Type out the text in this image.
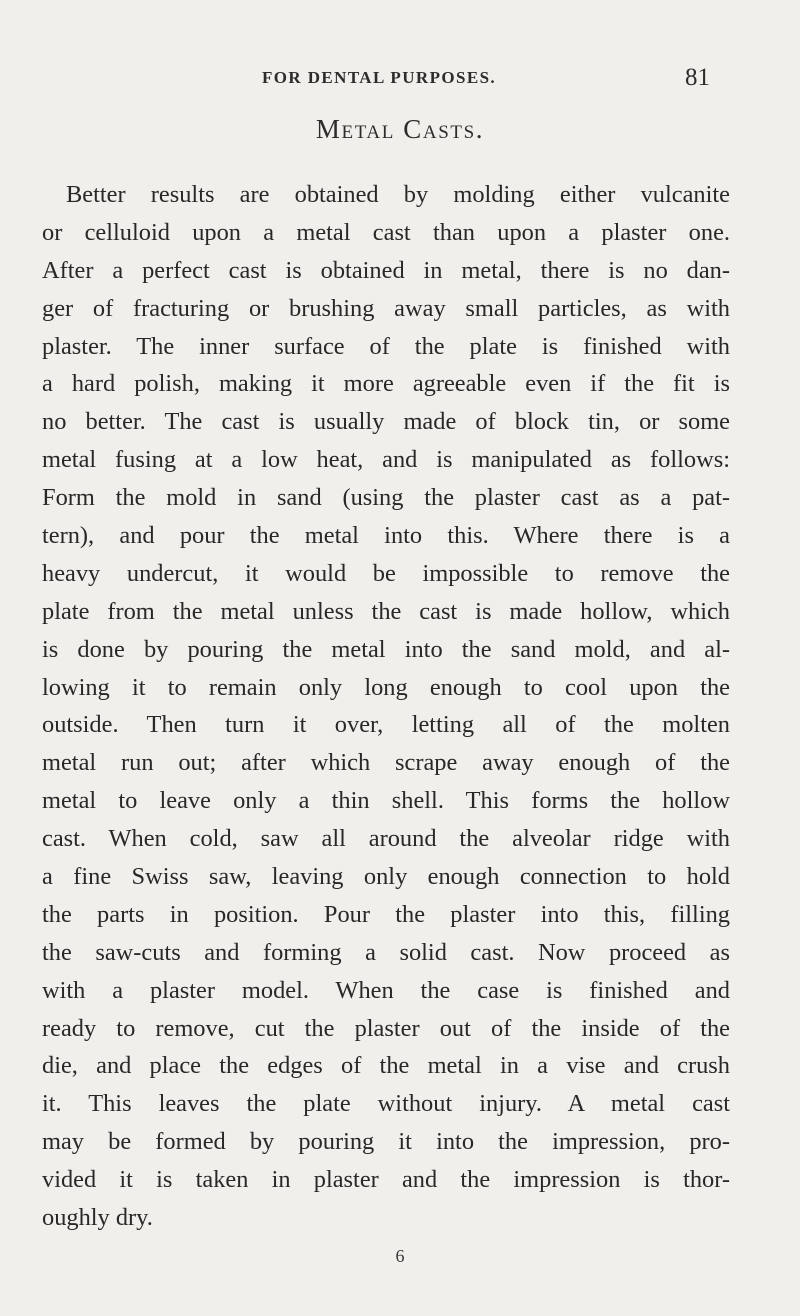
FOR DENTAL PURPOSES.	81
Metal Casts.
Better results are obtained by molding either vulcanite
or celluloid upon a metal cast than upon a plaster one.
After a perfect cast is obtained in metal, there is no dan-
ger of fracturing or brushing away small particles, as with
plaster. The inner surface of the plate is finished with
a hard polish, making it more agreeable even if the fit is
no better. The cast is usually made of block tin, or some
metal fusing at a low heat, and is manipulated as follows:
Form the mold in sand (using the plaster cast as a pat-
tern), and pour the metal into this. Where there is a
heavy undercut, it would be impossible to remove the
plate from the metal unless the cast is made hollow, which
is done by pouring the metal into the sand mold, and al-
lowing it to remain only long enough to cool upon the
outside. Then turn it over, letting all of the molten
metal run out; after which scrape away enough of the
metal to leave only a thin shell. This forms the hollow
cast. When cold, saw all around the alveolar ridge with
a fine Swiss saw, leaving only enough connection to hold
the parts in position. Pour the plaster into this, filling
the saw-cuts and forming a solid cast. Now proceed as
with a plaster model. When the case is finished and
ready to remove, cut the plaster out of the inside of the
die, and place the edges of the metal in a vise and crush
it. This leaves the plate without injury. A metal cast
may be formed by pouring it into the impression, pro-
vided it is taken in plaster and the impression is thor-
oughly dry.
6
